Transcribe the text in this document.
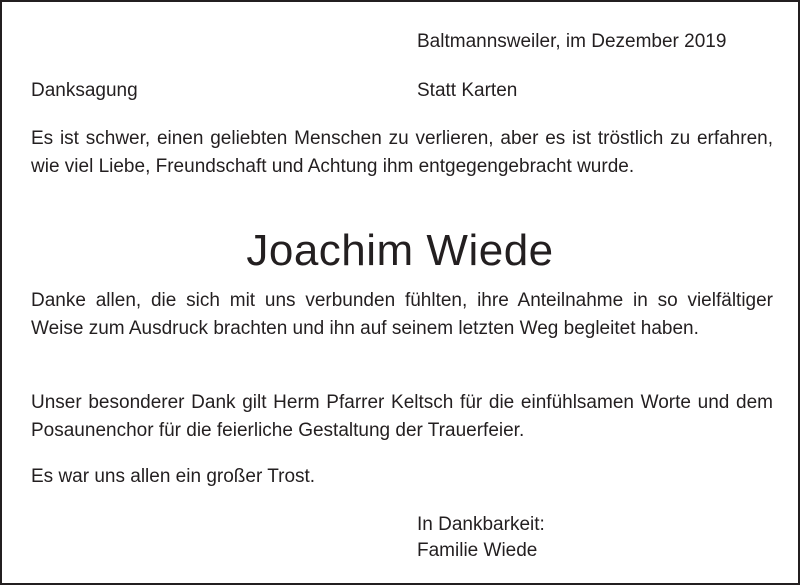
Baltmannsweiler, im Dezember 2019
Danksagung	Statt Karten
Es ist schwer, einen geliebten Menschen zu verlieren, aber es ist tröstlich zu erfahren, wie viel Liebe, Freundschaft und Achtung ihm entgegengebracht wurde.
Joachim Wiede
Danke allen, die sich mit uns verbunden fühlten, ihre Anteilnahme in so vielfältiger Weise zum Ausdruck brachten und ihn auf seinem letzten Weg begleitet haben.
Unser besonderer Dank gilt Herm Pfarrer Keltsch für die einfühlsamen Worte und dem Posaunenchor für die feierliche Gestaltung der Trauerfeier.
Es war uns allen ein großer Trost.
In Dankbarkeit:
Familie Wiede
